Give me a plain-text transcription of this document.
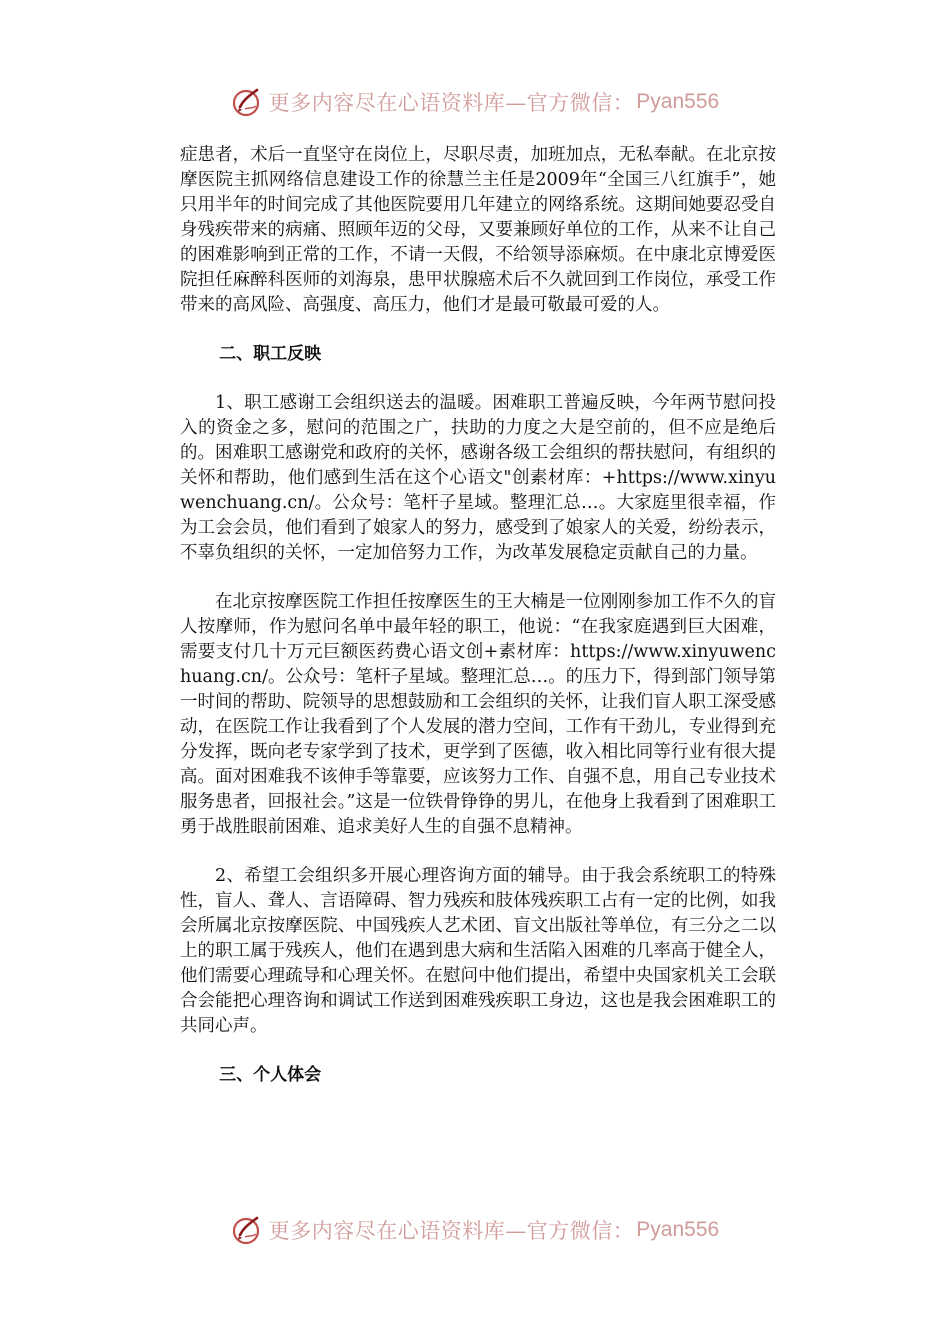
更多内容尽在心语资料库—官方微信： Pyan556

症患者，术后一直坚守在岗位上，尽职尽责，加班加点，无私奉献。在北京按摩医院主抓网络信息建设工作的徐慧兰主任是2009年“全国三八红旗手”，她只用半年的时间完成了其他医院要用几年建立的网络系统。这期间她要忍受自身残疾带来的病痛、照顾年迈的父母，又要兼顾好单位的工作，从来不让自己的困难影响到正常的工作，不请一天假，不给领导添麻烦。在中康北京博爱医院担任麻醉科医师的刘海泉，患甲状腺癌术后不久就回到工作岗位，承受工作带来的高风险、高强度、高压力，他们才是最可敬最可爱的人。

二、职工反映

1、职工感谢工会组织送去的温暖。困难职工普遍反映，今年两节慰问投入的资金之多，慰问的范围之广，扶助的力度之大是空前的，但不应是绝后的。困难职工感谢党和政府的关怀，感谢各级工会组织的帮扶慰问，有组织的关怀和帮助，他们感到生活在这个心语文"创素材库：+https://www.xinyuwenchuang.cn/。公众号：笔杆子星域。整理汇总…。大家庭里很幸福，作为工会会员，他们看到了娘家人的努力，感受到了娘家人的关爱，纷纷表示，不辜负组织的关怀，一定加倍努力工作，为改革发展稳定贡献自己的力量。

在北京按摩医院工作担任按摩医生的王大楠是一位刚刚参加工作不久的盲人按摩师，作为慰问名单中最年轻的职工，他说：“在我家庭遇到巨大困难，需要支付几十万元巨额医药费心语文创+素材库：https://www.xinyuwenchuang.cn/。公众号：笔杆子星域。整理汇总…。的压力下，得到部门领导第一时间的帮助、院领导的思想鼓励和工会组织的关怀，让我们盲人职工深受感动，在医院工作让我看到了个人发展的潜力空间，工作有干劲儿，专业得到充分发挥，既向老专家学到了技术，更学到了医德，收入相比同等行业有很大提高。面对困难我不该伸手等靠要，应该努力工作、自强不息，用自己专业技术服务患者，回报社会。”这是一位铁骨铮铮的男儿，在他身上我看到了困难职工勇于战胜眼前困难、追求美好人生的自强不息精神。

2、希望工会组织多开展心理咨询方面的辅导。由于我会系统职工的特殊性，盲人、聋人、言语障碍、智力残疾和肢体残疾职工占有一定的比例，如我会所属北京按摩医院、中国残疾人艺术团、盲文出版社等单位，有三分之二以上的职工属于残疾人，他们在遇到患大病和生活陷入困难的几率高于健全人，他们需要心理疏导和心理关怀。在慰问中他们提出，希望中央国家机关工会联合会能把心理咨询和调试工作送到困难残疾职工身边，这也是我会困难职工的共同心声。

三、个人体会

更多内容尽在心语资料库—官方微信： Pyan556
